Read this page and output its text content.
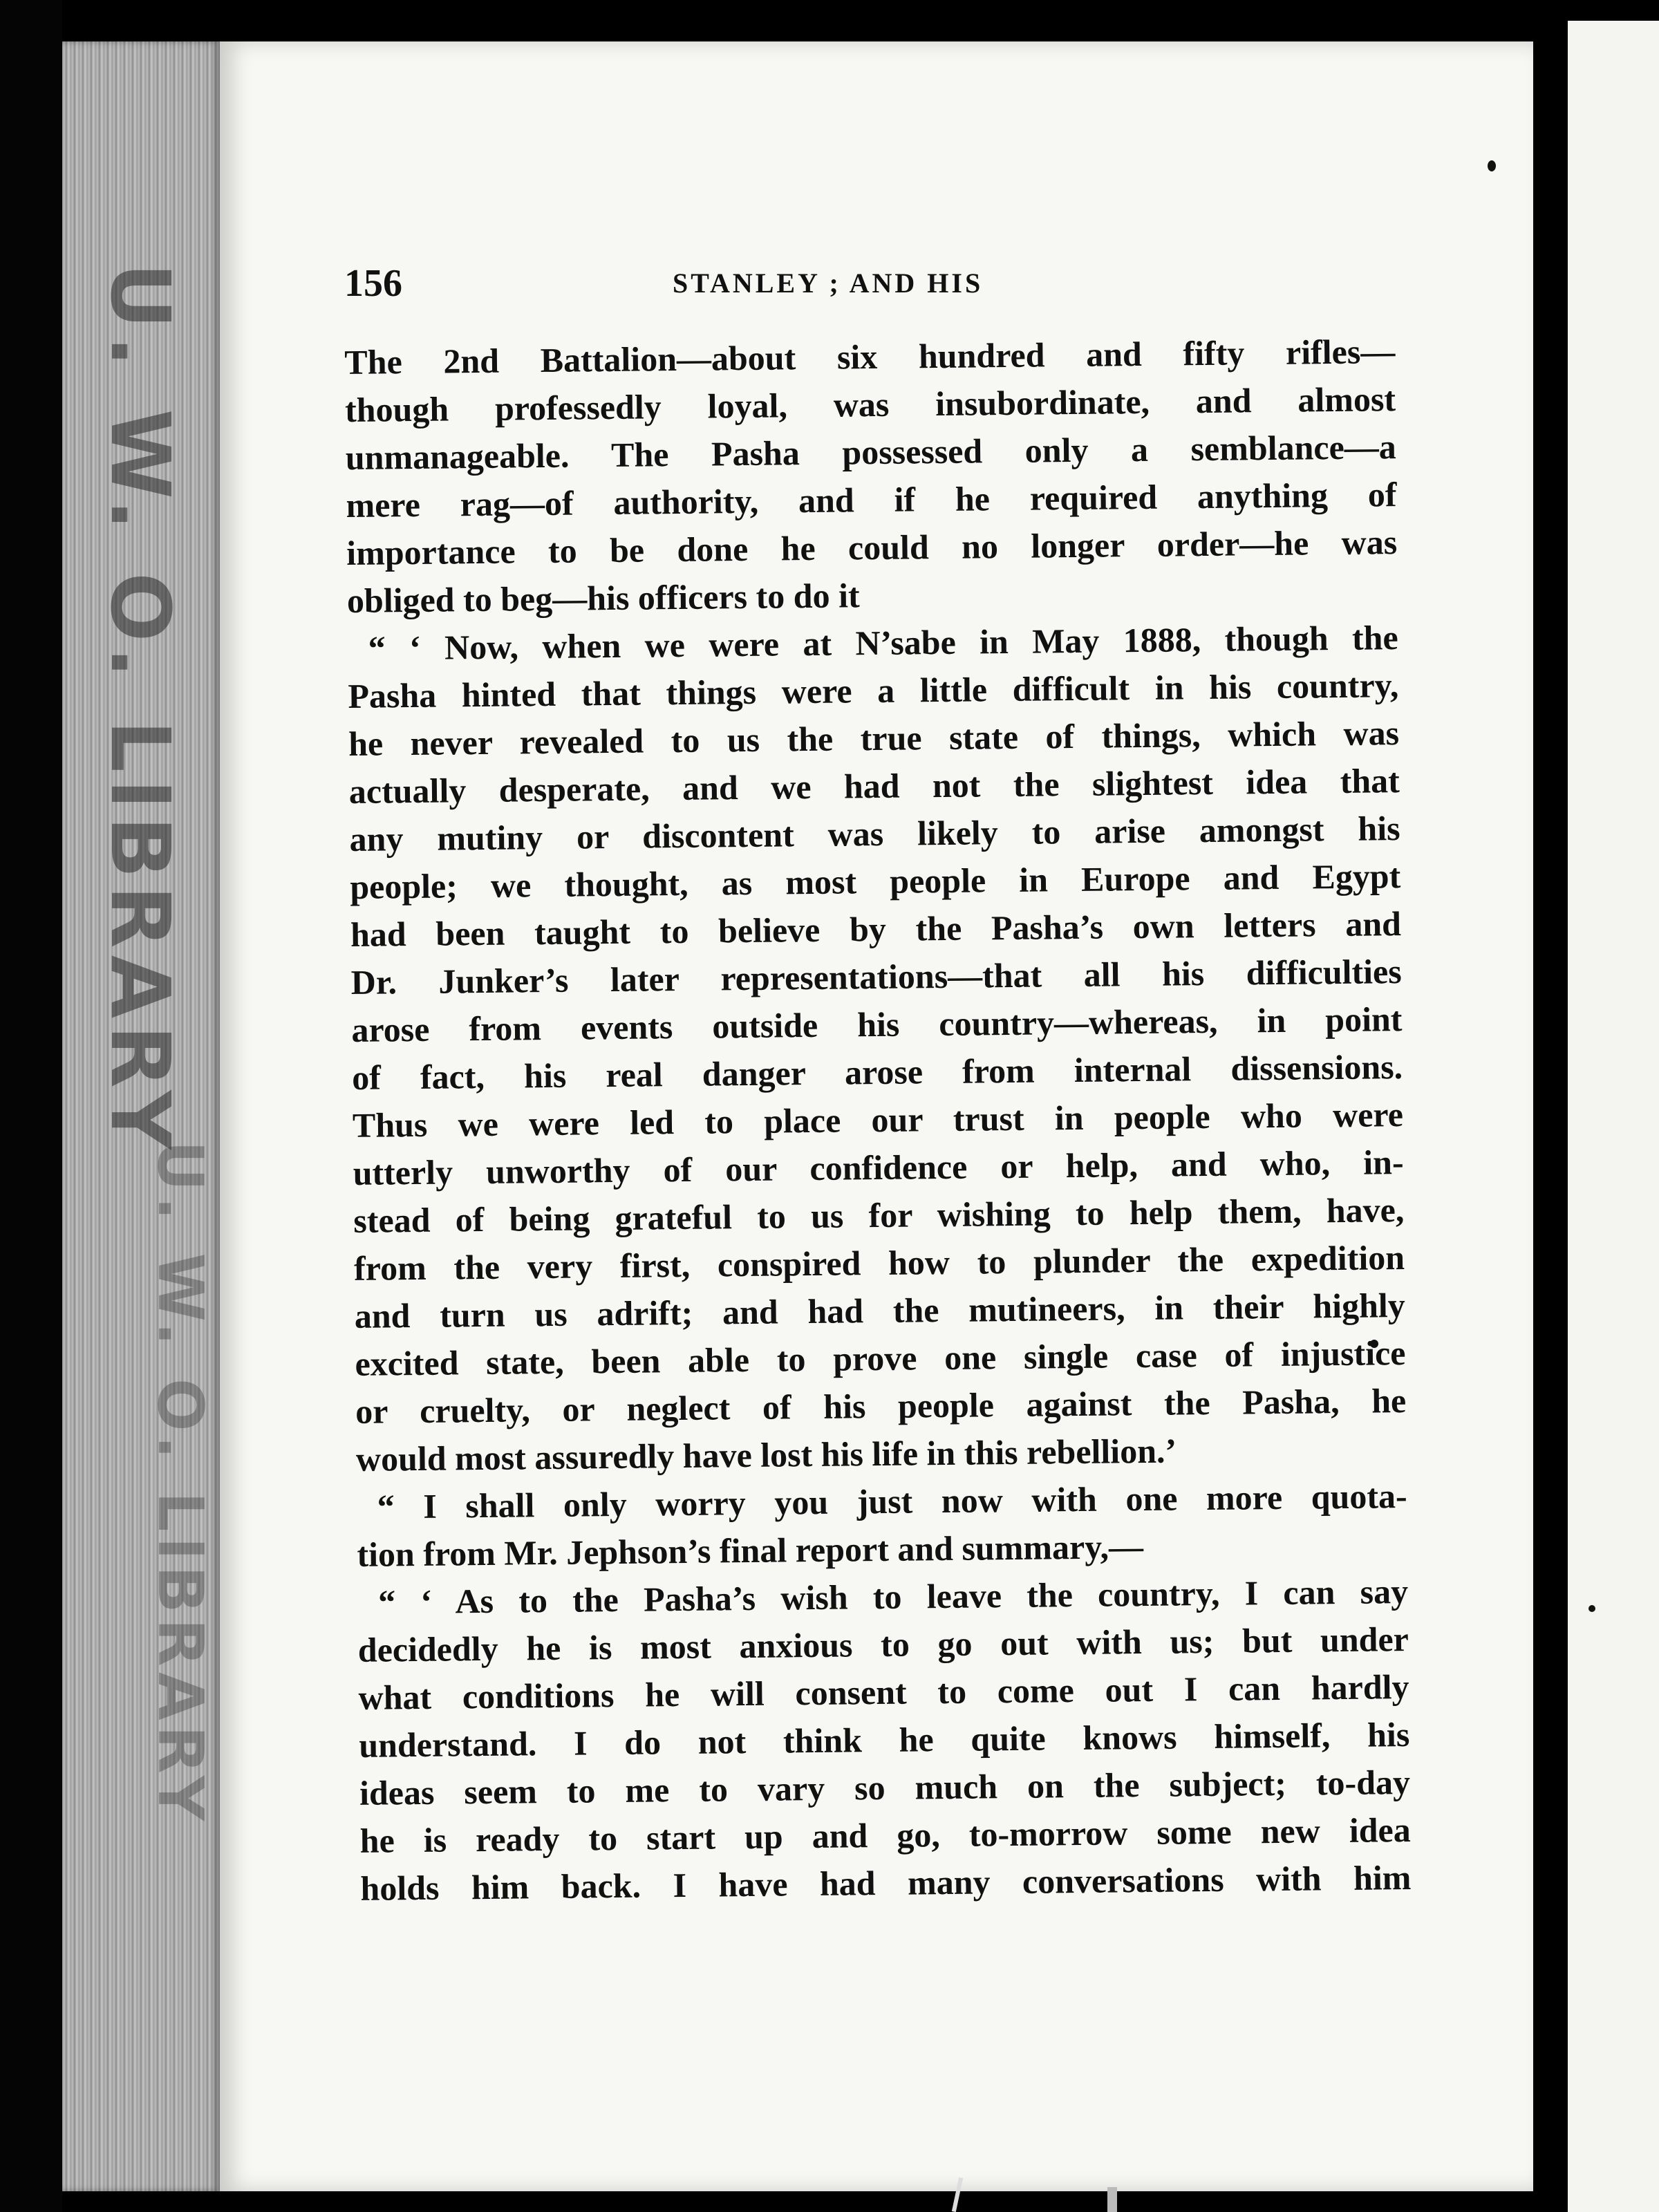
U. W. O. LIBRARY
U. W. O. LIBRARY
156	STANLEY ; AND HIS
The 2nd Battalion—about six hundred and fifty rifles—
though professedly loyal, was insubordinate, and almost
unmanageable. The Pasha possessed only a semblance—a
mere rag—of authority, and if he required anything of
importance to be done he could no longer order—he was
obliged to beg—his officers to do it
“ ‘ Now, when we were at N’sabe in May 1888, though the
Pasha hinted that things were a little difficult in his country,
he never revealed to us the true state of things, which was
actually desperate, and we had not the slightest idea that
any mutiny or discontent was likely to arise amongst his
people; we thought, as most people in Europe and Egypt
had been taught to believe by the Pasha’s own letters and
Dr. Junker’s later representations—that all his difficulties
arose from events outside his country—whereas, in point
of fact, his real danger arose from internal dissensions.
Thus we were led to place our trust in people who were
utterly unworthy of our confidence or help, and who, in-
stead of being grateful to us for wishing to help them, have,
from the very first, conspired how to plunder the expedition
and turn us adrift; and had the mutineers, in their highly
excited state, been able to prove one single case of injustice
or cruelty, or neglect of his people against the Pasha, he
would most assuredly have lost his life in this rebellion.’
“ I shall only worry you just now with one more quota-
tion from Mr. Jephson’s final report and summary,—
“ ‘ As to the Pasha’s wish to leave the country, I can say
decidedly he is most anxious to go out with us; but under
what conditions he will consent to come out I can hardly
understand. I do not think he quite knows himself, his
ideas seem to me to vary so much on the subject; to-day
he is ready to start up and go, to-morrow some new idea
holds him back. I have had many conversations with him
